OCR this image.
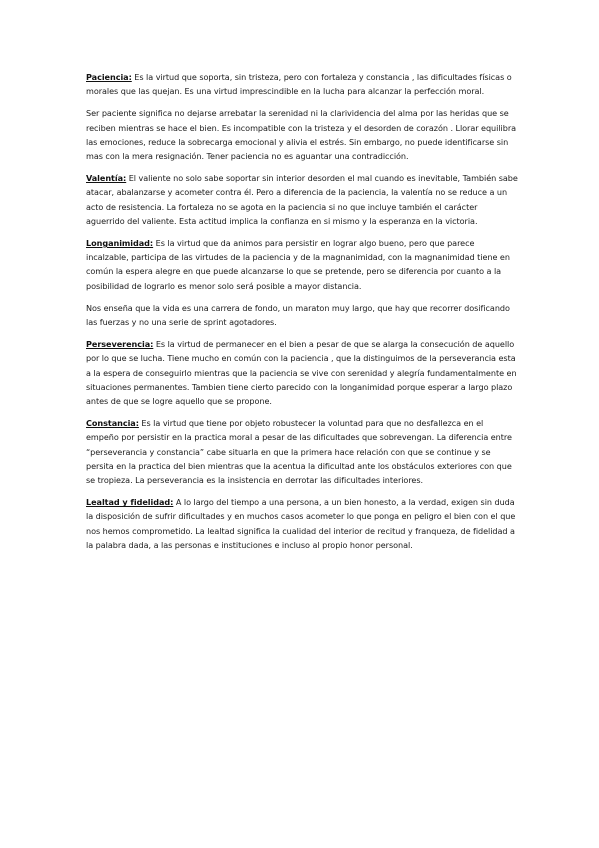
Paciencia: Es la virtud que soporta, sin tristeza, pero con fortaleza y constancia , las dificultades físicas o morales que las quejan. Es una virtud imprescindible en la lucha para alcanzar la perfección moral.

Ser paciente significa no dejarse arrebatar la serenidad ni la clarividencia del alma por las heridas que se reciben mientras se hace el bien. Es incompatible con la tristeza y el desorden de corazón . Llorar equilibra las emociones, reduce la sobrecarga emocional y alivia el estrés. Sin embargo, no puede identificarse sin mas con la mera resignación. Tener paciencia no es aguantar una contradicción.

Valentía: El valiente no solo sabe soportar sin interior desorden el mal cuando es inevitable, También sabe atacar, abalanzarse y acometer contra él. Pero a diferencia de la paciencia, la valentía no se reduce a un acto de resistencia. La fortaleza no se agota en la paciencia si no que incluye también el carácter aguerrido del valiente. Esta actitud implica la confianza en si mismo y la esperanza en la victoria.

Longanimidad: Es la virtud que da animos para persistir en lograr algo bueno, pero que parece incalzable, participa de las virtudes de la paciencia y de la magnanimidad, con la magnanimidad tiene en común la espera alegre en que puede alcanzarse lo que se pretende, pero se diferencia por cuanto a la posibilidad de lograrlo es menor solo será posible a mayor distancia.

Nos enseña que la vida es una carrera de fondo, un maraton muy largo, que hay que recorrer dosificando las fuerzas y no una serie de sprint agotadores.

Perseverencia: Es la virtud de permanecer en el bien a pesar de que se alarga la consecución de aquello por lo que se lucha. Tiene mucho en común con la paciencia , que la distinguimos de la perseverancia esta a la espera de conseguirlo mientras que la paciencia se vive con serenidad y alegría fundamentalmente en situaciones permanentes. Tambien tiene cierto parecido con la longanimidad porque esperar a largo plazo antes de que se logre aquello que se propone.

Constancia: Es la virtud que tiene por objeto robustecer la voluntad para que no desfallezca en el empeño por persistir en la practica moral a pesar de las dificultades que sobrevengan. La diferencia entre “perseverancia y constancia” cabe situarla en que la primera hace relación con que se continue y se persita en la practica del bien mientras que la acentua la dificultad ante los obstáculos exteriores con que se tropieza. La perseverancia es la insistencia en derrotar las dificultades interiores.

Lealtad y fidelidad: A lo largo del tiempo a una persona, a un bien honesto, a la verdad, exigen sin duda la disposición de sufrir dificultades y en muchos casos acometer lo que ponga en peligro el bien con el que nos hemos comprometido. La lealtad significa la cualidad del interior de recitud y franqueza, de fidelidad a la palabra dada, a las personas e instituciones e incluso al propio honor personal.
